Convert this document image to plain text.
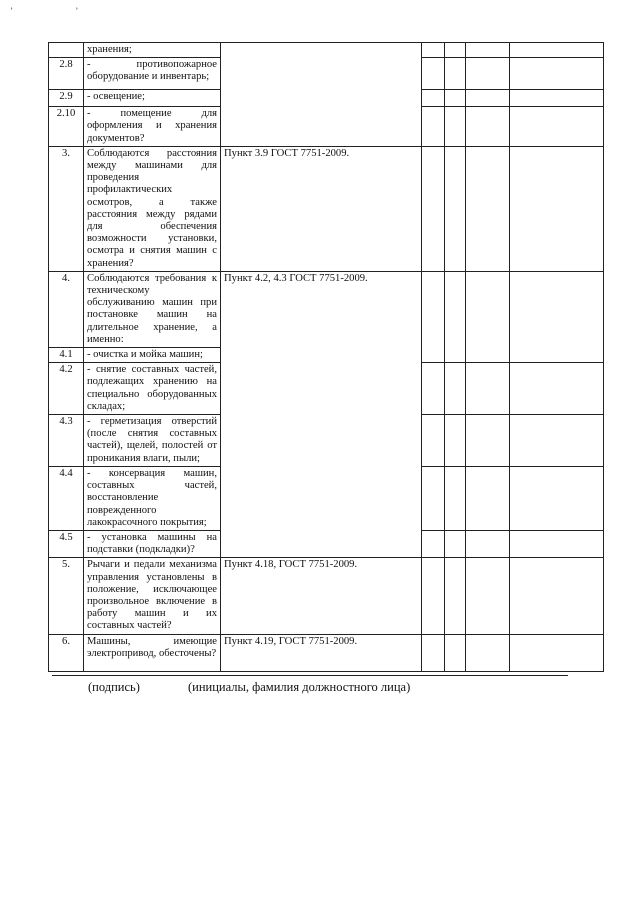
ʼ ʼ
	хранения;					
2.8	- противопожарное оборудование и инвентарь;					
2.9	- освещение;					
2.10	- помещение для оформления и хранения документов?					
3.	Соблюдаются расстояния между машинами для проведения профилактических осмотров, а также расстояния между рядами для обеспечения возможности установки, осмотра и снятия машин с хранения?	Пункт 3.9 ГОСТ 7751-2009.				
4.	Соблюдаются требования к техническому обслуживанию машин при постановке машин на длительное хранение, а именно:	Пункт 4.2, 4.3 ГОСТ 7751-2009.				
4.1	- очистка и мойка машин;					
4.2	- снятие составных частей, подлежащих хранению на специально оборудованных складах;					
4.3	- герметизация отверстий (после снятия составных частей), щелей, полостей от проникания влаги, пыли;					
4.4	- консервация машин, составных частей, восстановление поврежденного лакокрасочного покрытия;					
4.5	- установка машины на подставки (подкладки)?					
5.	Рычаги и педали механизма управления установлены в положение, исключающее произвольное включение в работу машин и их составных частей?	Пункт 4.18, ГОСТ 7751-2009.				
6.	Машины, имеющие электропривод, обесточены?	Пункт 4.19, ГОСТ 7751-2009.				
(подпись)	(инициалы, фамилия должностного лица)
